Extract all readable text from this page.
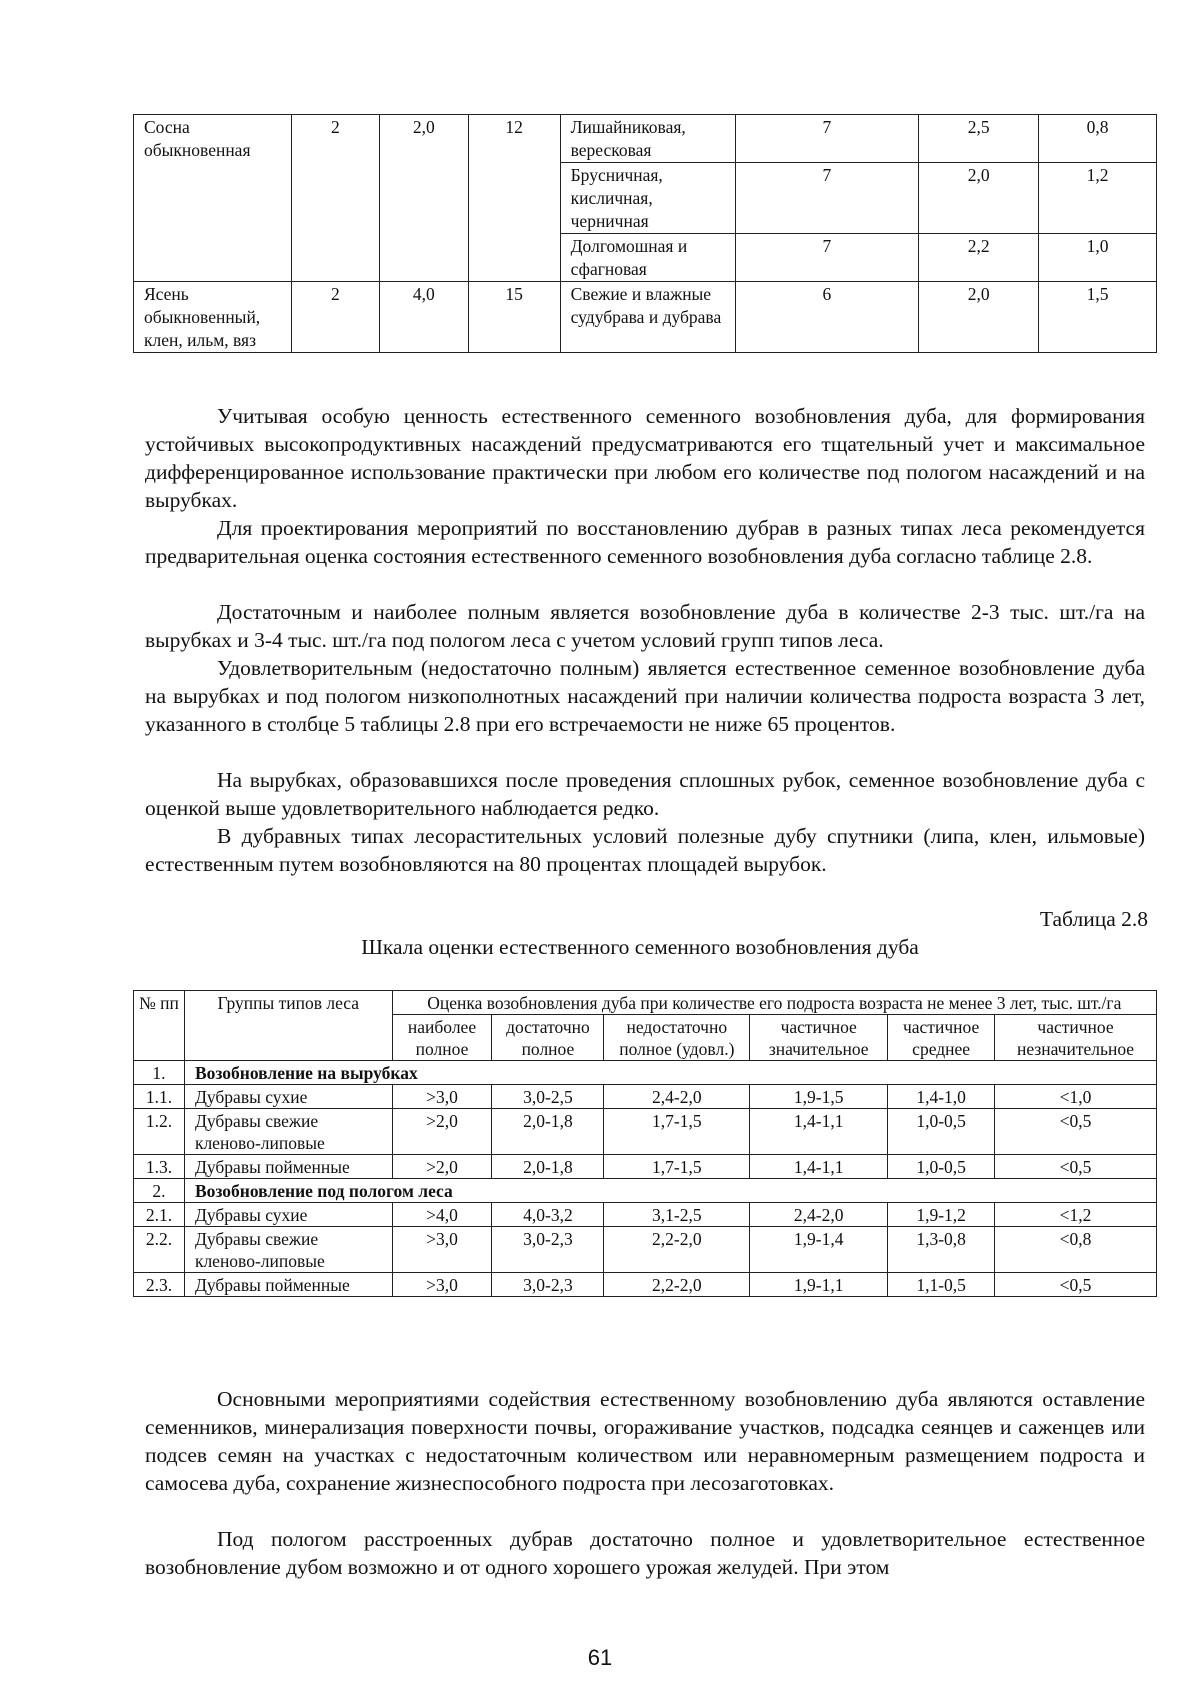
Сосна обыкновенная	2	2,0	12	Лишайниковая, вересковая	7	2,5	0,8
				Брусничная, кисличная, черничная	7	2,0	1,2
				Долгомошная и сфагновая	7	2,2	1,0
Ясень обыкновенный, клен, ильм, вяз	2	4,0	15	Свежие и влажные судубрава и дубрава	6	2,0	1,5

Учитывая особую ценность естественного семенного возобновления дуба, для формирования устойчивых высокопродуктивных насаждений предусматриваются его тщательный учет и максимальное дифференцированное использование практически при любом его количестве под пологом насаждений и на вырубках.

Для проектирования мероприятий по восстановлению дубрав в разных типах леса рекомендуется предварительная оценка состояния естественного семенного возобновления дуба согласно таблице 2.8.

Достаточным и наиболее полным является возобновление дуба в количестве 2-3 тыс. шт./га на вырубках и 3-4 тыс. шт./га под пологом леса с учетом условий групп типов леса.

Удовлетворительным (недостаточно полным) является естественное семенное возобновление дуба на вырубках и под пологом низкополнотных насаждений при наличии количества подроста возраста 3 лет, указанного в столбце 5 таблицы 2.8 при его встречаемости не ниже 65 процентов.

На вырубках, образовавшихся после проведения сплошных рубок, семенное возобновление дуба с оценкой выше удовлетворительного наблюдается редко.

В дубравных типах лесорастительных условий полезные дубу спутники (липа, клен, ильмовые) естественным путем возобновляются на 80 процентах площадей вырубок.

Таблица 2.8
Шкала оценки естественного семенного возобновления дуба
№ пп	Группы типов леса	Оценка возобновления дуба при количестве его подроста возраста не менее 3 лет, тыс. шт./га					
		наиболее полное	достаточно полное	недостаточно полное (удовл.)	частичное значительное	частичное среднее	частичное незначительное
1.	Возобновление на вырубках						
1.1.	Дубравы сухие	>3,0	3,0-2,5	2,4-2,0	1,9-1,5	1,4-1,0	<1,0
1.2.	Дубравы свежие кленово-липовые	>2,0	2,0-1,8	1,7-1,5	1,4-1,1	1,0-0,5	<0,5
1.3.	Дубравы пойменные	>2,0	2,0-1,8	1,7-1,5	1,4-1,1	1,0-0,5	<0,5
2.	Возобновление под пологом леса						
2.1.	Дубравы сухие	>4,0	4,0-3,2	3,1-2,5	2,4-2,0	1,9-1,2	<1,2
2.2.	Дубравы свежие кленово-липовые	>3,0	3,0-2,3	2,2-2,0	1,9-1,4	1,3-0,8	<0,8
2.3.	Дубравы пойменные	>3,0	3,0-2,3	2,2-2,0	1,9-1,1	1,1-0,5	<0,5

Основными мероприятиями содействия естественному возобновлению дуба являются оставление семенников, минерализация поверхности почвы, огораживание участков, подсадка сеянцев и саженцев или подсев семян на участках с недостаточным количеством или неравномерным размещением подроста и самосева дуба, сохранение жизнеспособного подроста при лесозаготовках.

Под пологом расстроенных дубрав достаточно полное и удовлетворительное естественное возобновление дубом возможно и от одного хорошего урожая желудей. При этом

61
